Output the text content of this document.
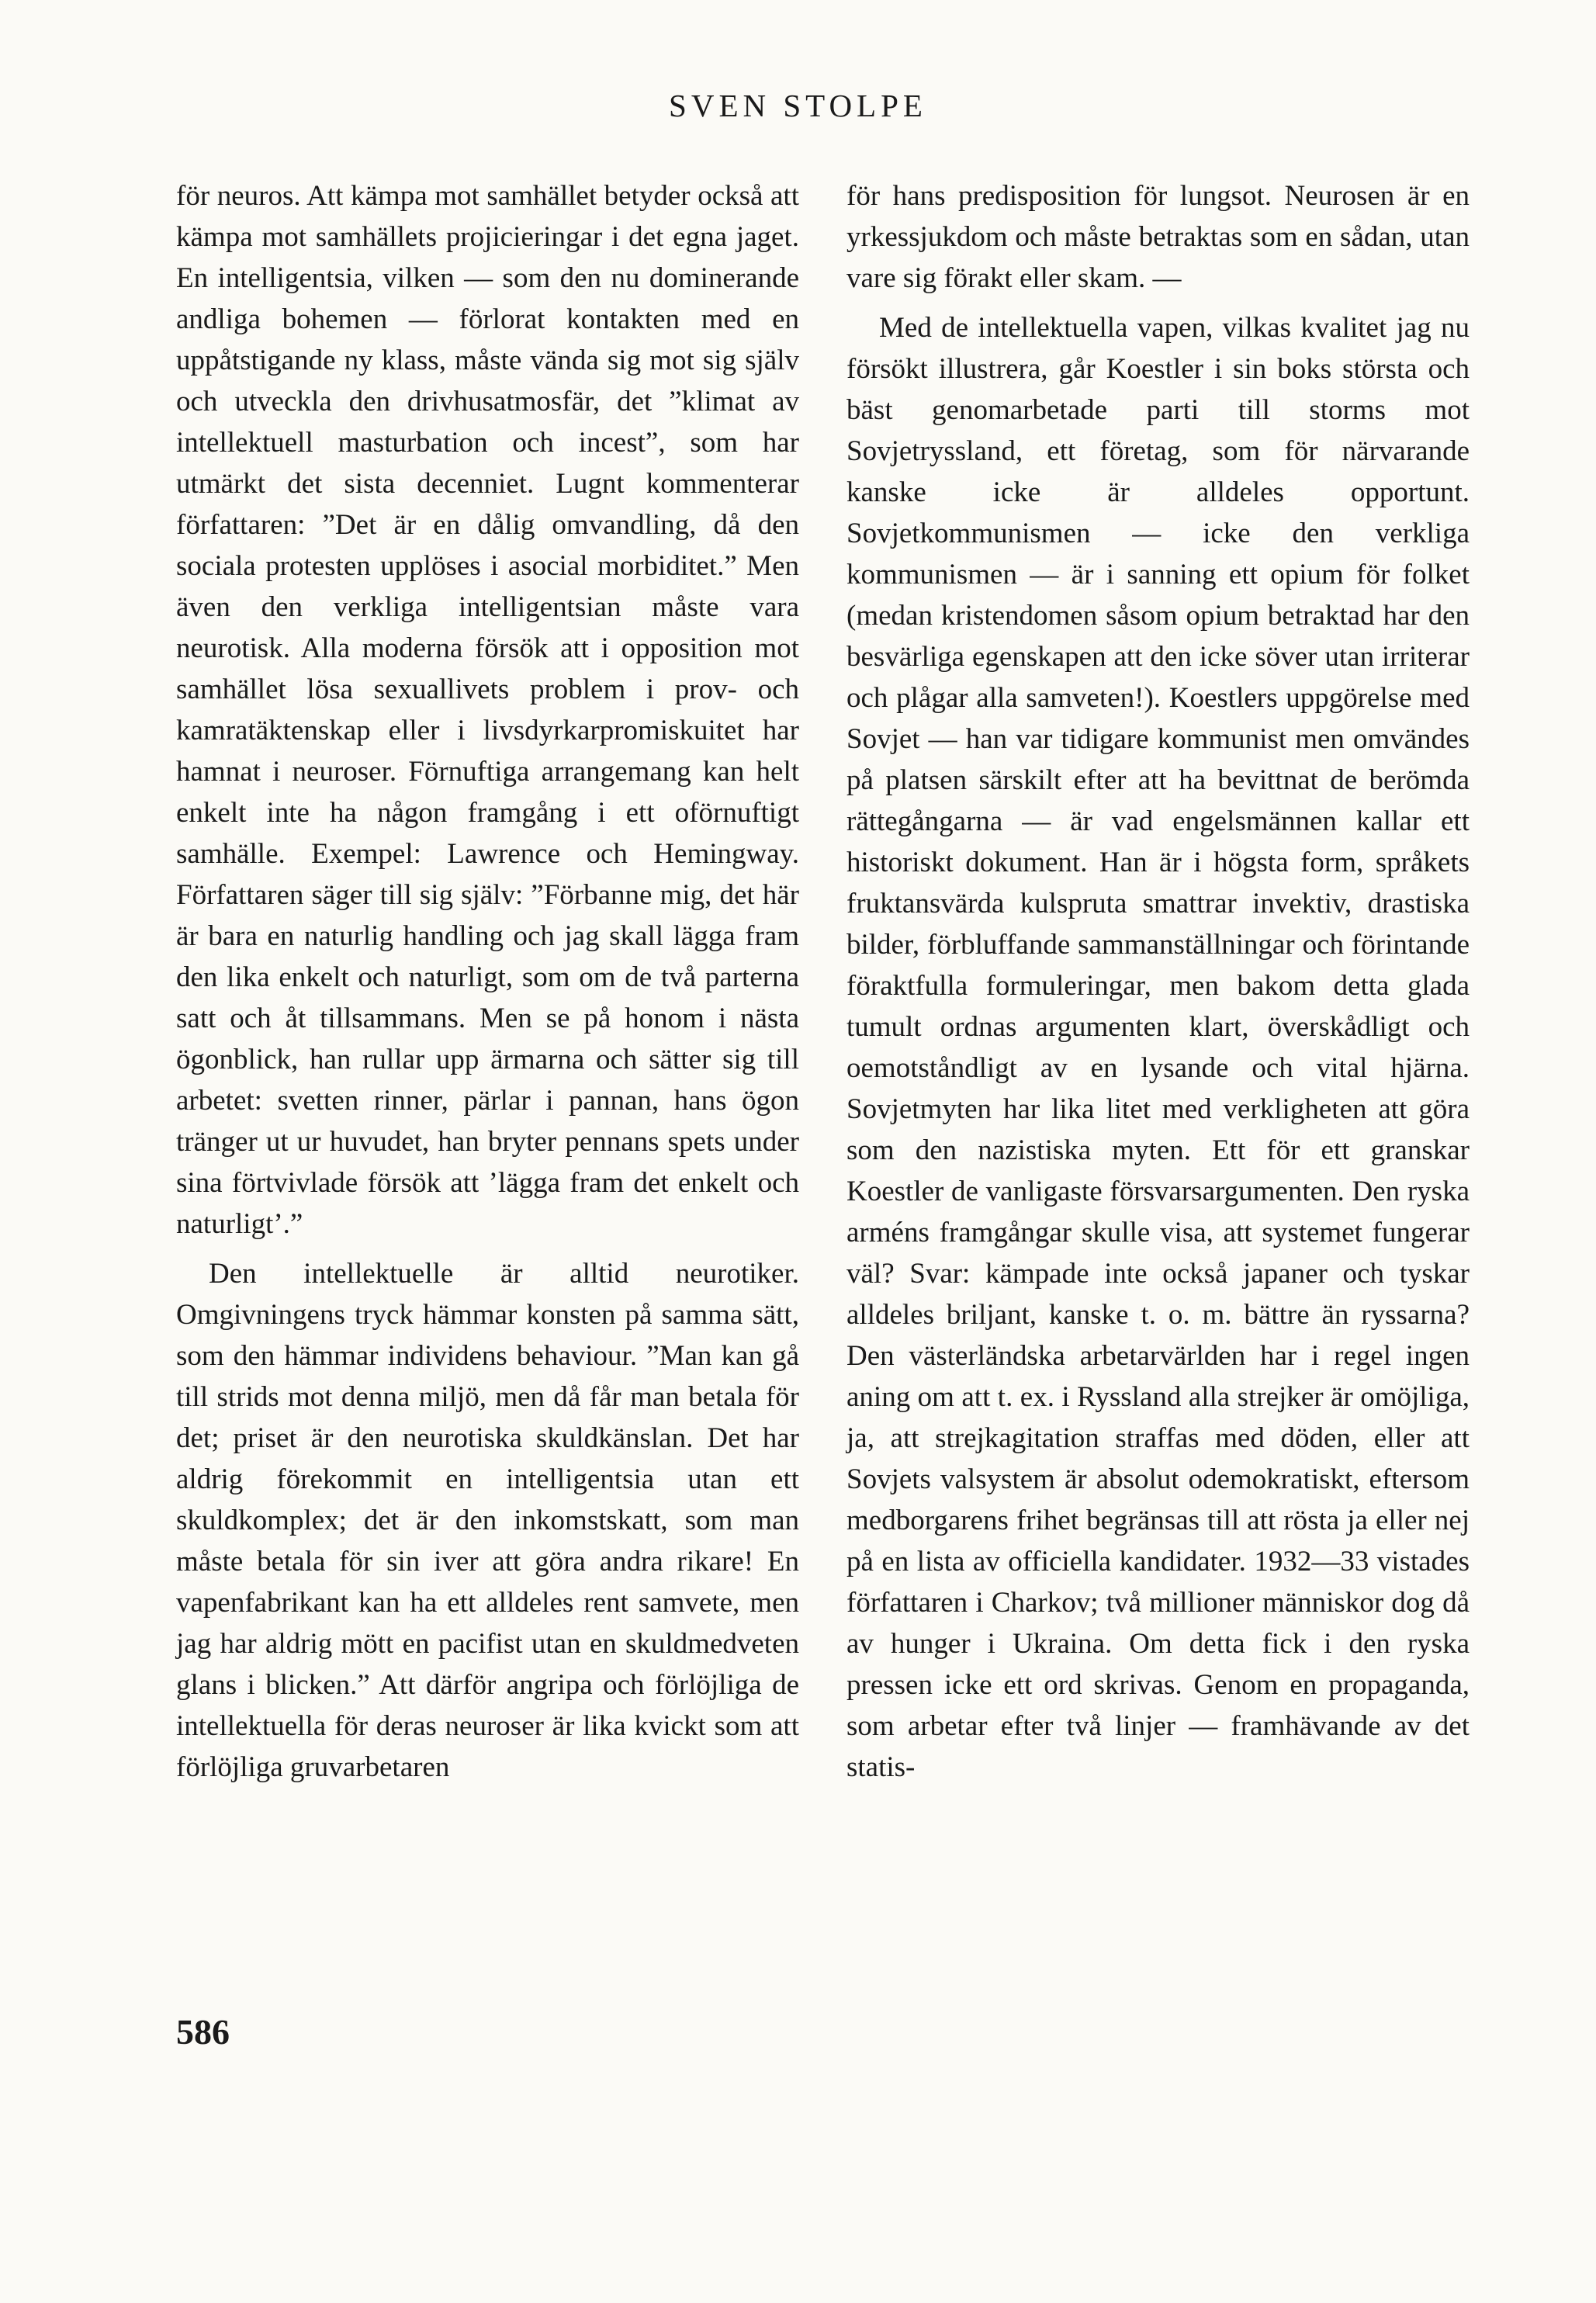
SVEN STOLPE

för neuros. Att kämpa mot samhället betyder också att kämpa mot samhällets projicieringar i det egna jaget. En intelligentsia, vilken — som den nu dominerande andliga bohemen — förlorat kontakten med en uppåtstigande ny klass, måste vända sig mot sig själv och utveckla den drivhusatmosfär, det ”klimat av intellektuell masturbation och incest”, som har utmärkt det sista decenniet. Lugnt kommenterar författaren: ”Det är en dålig omvandling, då den sociala protesten upplöses i asocial morbiditet.” Men även den verkliga intelligentsian måste vara neurotisk. Alla moderna försök att i opposition mot samhället lösa sexuallivets problem i prov- och kamratäktenskap eller i livsdyrkarpromiskuitet har hamnat i neuroser. Förnuftiga arrangemang kan helt enkelt inte ha någon framgång i ett oförnuftigt samhälle. Exempel: Lawrence och Hemingway. Författaren säger till sig själv: ”Förbanne mig, det här är bara en naturlig handling och jag skall lägga fram den lika enkelt och naturligt, som om de två parterna satt och åt tillsammans. Men se på honom i nästa ögonblick, han rullar upp ärmarna och sätter sig till arbetet: svetten rinner, pärlar i pannan, hans ögon tränger ut ur huvudet, han bryter pennans spets under sina förtvivlade försök att ’lägga fram det enkelt och naturligt’.”

Den intellektuelle är alltid neurotiker. Omgivningens tryck hämmar konsten på samma sätt, som den hämmar individens behaviour. ”Man kan gå till strids mot denna miljö, men då får man betala för det; priset är den neurotiska skuldkänslan. Det har aldrig förekommit en intelligentsia utan ett skuldkomplex; det är den inkomstskatt, som man måste betala för sin iver att göra andra rikare! En vapenfabrikant kan ha ett alldeles rent samvete, men jag har aldrig mött en pacifist utan en skuldmedveten glans i blicken.” Att därför angripa och förlöjliga de intellektuella för deras neuroser är lika kvickt som att förlöjliga gruvarbetaren

för hans predisposition för lungsot. Neurosen är en yrkessjukdom och måste betraktas som en sådan, utan vare sig förakt eller skam. —

Med de intellektuella vapen, vilkas kvalitet jag nu försökt illustrera, går Koestler i sin boks största och bäst genomarbetade parti till storms mot Sovjetryssland, ett företag, som för närvarande kanske icke är alldeles opportunt. Sovjetkommunismen — icke den verkliga kommunismen — är i sanning ett opium för folket (medan kristendomen såsom opium betraktad har den besvärliga egenskapen att den icke söver utan irriterar och plågar alla samveten!). Koestlers uppgörelse med Sovjet — han var tidigare kommunist men omvändes på platsen särskilt efter att ha bevittnat de berömda rättegångarna — är vad engelsmännen kallar ett historiskt dokument. Han är i högsta form, språkets fruktansvärda kulspruta smattrar invektiv, drastiska bilder, förbluffande sammanställningar och förintande föraktfulla formuleringar, men bakom detta glada tumult ordnas argumenten klart, överskådligt och oemotståndligt av en lysande och vital hjärna. Sovjetmyten har lika litet med verkligheten att göra som den nazistiska myten. Ett för ett granskar Koestler de vanligaste försvarsargumenten. Den ryska arméns framgångar skulle visa, att systemet fungerar väl? Svar: kämpade inte också japaner och tyskar alldeles briljant, kanske t. o. m. bättre än ryssarna? Den västerländska arbetarvärlden har i regel ingen aning om att t. ex. i Ryssland alla strejker är omöjliga, ja, att strejkagitation straffas med döden, eller att Sovjets valsystem är absolut odemokratiskt, eftersom medborgarens frihet begränsas till att rösta ja eller nej på en lista av officiella kandidater. 1932—33 vistades författaren i Charkov; två millioner människor dog då av hunger i Ukraina. Om detta fick i den ryska pressen icke ett ord skrivas. Genom en propaganda, som arbetar efter två linjer — framhävande av det statis-

586
